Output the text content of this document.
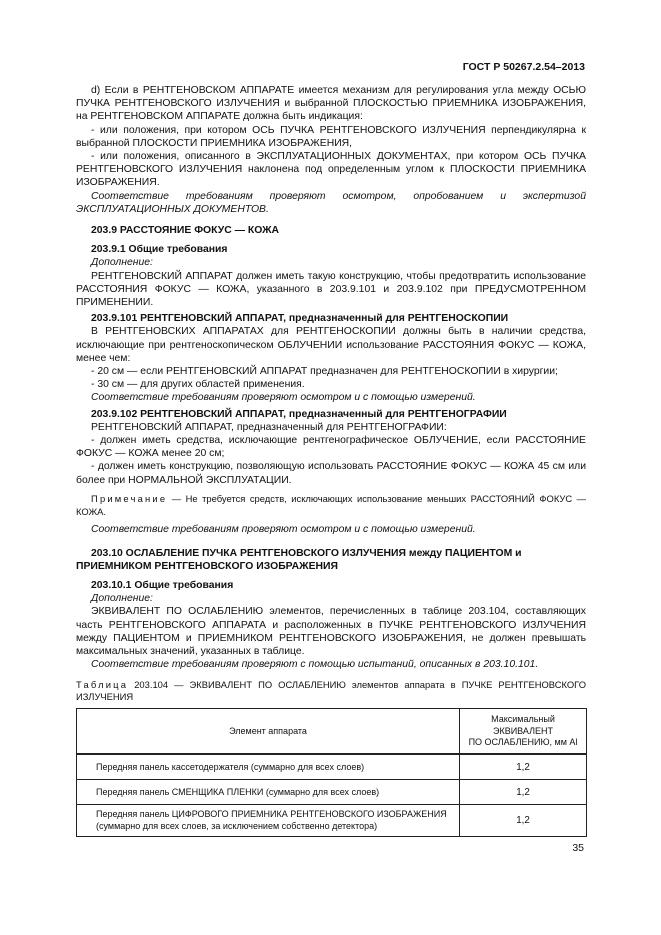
ГОСТ Р 50267.2.54–2013

d) Если в РЕНТГЕНОВСКОМ АППАРАТЕ имеется механизм для регулирования угла между ОСЬЮ ПУЧКА РЕНТГЕНОВСКОГО ИЗЛУЧЕНИЯ и выбранной ПЛОСКОСТЬЮ ПРИЕМНИКА ИЗОБРАЖЕНИЯ, на РЕНТГЕНОВСКОМ АППАРАТЕ должна быть индикация:

- или положения, при котором ОСЬ ПУЧКА РЕНТГЕНОВСКОГО ИЗЛУЧЕНИЯ перпендикулярна к выбранной ПЛОСКОСТИ ПРИЕМНИКА ИЗОБРАЖЕНИЯ,

- или положения, описанного в ЭКСПЛУАТАЦИОННЫХ ДОКУМЕНТАХ, при котором ОСЬ ПУЧКА РЕНТГЕНОВСКОГО ИЗЛУЧЕНИЯ наклонена под определенным углом к ПЛОСКОСТИ ПРИЕМНИКА ИЗОБРАЖЕНИЯ.

Соответствие требованиям проверяют осмотром, опробованием и экспертизой ЭКСПЛУАТАЦИОННЫХ ДОКУМЕНТОВ.

203.9 РАССТОЯНИЕ ФОКУС — КОЖА

203.9.1 Общие требования

Дополнение:

РЕНТГЕНОВСКИЙ АППАРАТ должен иметь такую конструкцию, чтобы предотвратить использование РАССТОЯНИЯ ФОКУС — КОЖА, указанного в 203.9.101 и 203.9.102 при ПРЕДУСМОТРЕННОМ ПРИМЕНЕНИИ.

203.9.101 РЕНТГЕНОВСКИЙ АППАРАТ, предназначенный для РЕНТГЕНОСКОПИИ

В РЕНТГЕНОВСКИХ АППАРАТАХ для РЕНТГЕНОСКОПИИ должны быть в наличии средства, исключающие при рентгеноскопическом ОБЛУЧЕНИИ использование РАССТОЯНИЯ ФОКУС — КОЖА, менее чем:

- 20 см — если РЕНТГЕНОВСКИЙ АППАРАТ предназначен для РЕНТГЕНОСКОПИИ в хирургии;

- 30 см — для других областей применения.

Соответствие требованиям проверяют осмотром и с помощью измерений.

203.9.102 РЕНТГЕНОВСКИЙ АППАРАТ, предназначенный для РЕНТГЕНОГРАФИИ

РЕНТГЕНОВСКИЙ АППАРАТ, предназначенный для РЕНТГЕНОГРАФИИ:

- должен иметь средства, исключающие рентгенографическое ОБЛУЧЕНИЕ, если РАССТОЯНИЕ ФОКУС — КОЖА менее 20 см;

- должен иметь конструкцию, позволяющую использовать РАССТОЯНИЕ ФОКУС — КОЖА 45 см или более при НОРМАЛЬНОЙ ЭКСПЛУАТАЦИИ.

Примечание — Не требуется средств, исключающих использование меньших РАССТОЯНИЙ ФОКУС — КОЖА.

Соответствие требованиям проверяют осмотром и с помощью измерений.

203.10 ОСЛАБЛЕНИЕ ПУЧКА РЕНТГЕНОВСКОГО ИЗЛУЧЕНИЯ между ПАЦИЕНТОМ и ПРИЕМНИКОМ РЕНТГЕНОВСКОГО ИЗОБРАЖЕНИЯ

203.10.1 Общие требования

Дополнение:

ЭКВИВАЛЕНТ ПО ОСЛАБЛЕНИЮ элементов, перечисленных в таблице 203.104, составляющих часть РЕНТГЕНОВСКОГО АППАРАТА и расположенных в ПУЧКЕ РЕНТГЕНОВСКОГО ИЗЛУЧЕНИЯ между ПАЦИЕНТОМ и ПРИЕМНИКОМ РЕНТГЕНОВСКОГО ИЗОБРАЖЕНИЯ, не должен превышать максимальных значений, указанных в таблице.

Соответствие требованиям проверяют с помощью испытаний, описанных в 203.10.101.

Таблица 203.104 — ЭКВИВАЛЕНТ ПО ОСЛАБЛЕНИЮ элементов аппарата в ПУЧКЕ РЕНТГЕНОВСКОГО ИЗЛУЧЕНИЯ

Элемент аппарата	Максимальный
ЭКВИВАЛЕНТ
ПО ОСЛАБЛЕНИЮ, мм Al
Передняя панель кассетодержателя (суммарно для всех слоев)	1,2
Передняя панель СМЕНЩИКА ПЛЕНКИ (суммарно для всех слоев)	1,2
Передняя панель ЦИФРОВОГО ПРИЕМНИКА РЕНТГЕНОВСКОГО ИЗОБРАЖЕНИЯ (суммарно для всех слоев, за исключением собственно детектора)	1,2
35
